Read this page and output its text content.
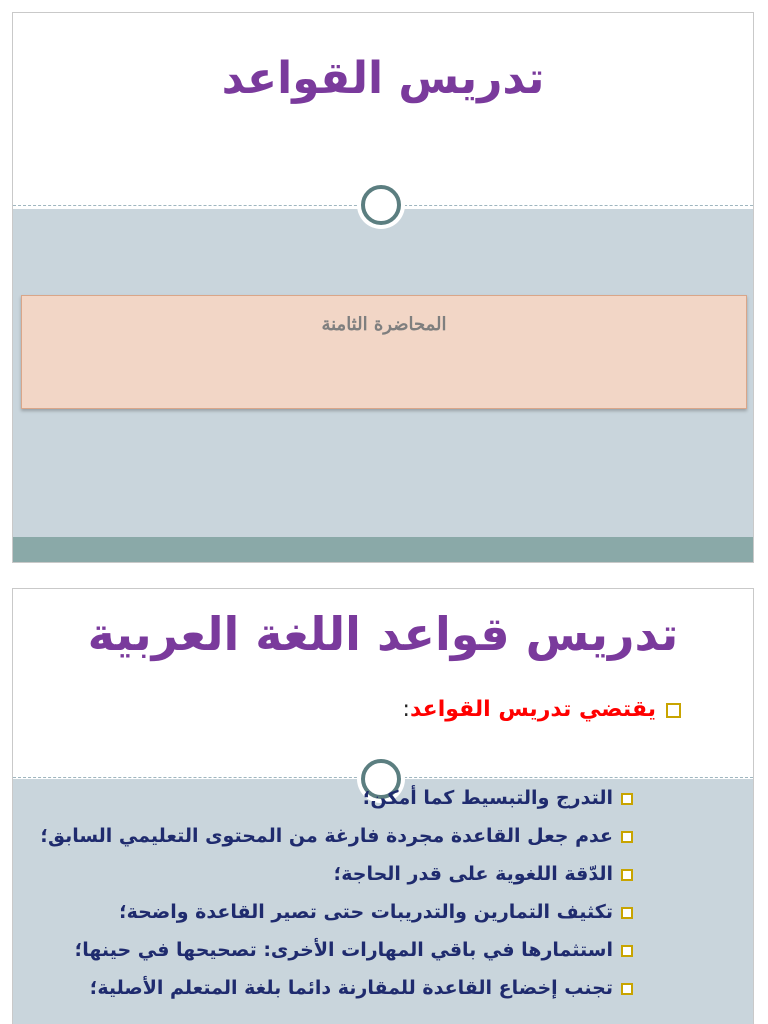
تدريس القواعد
المحاضرة الثامنة
تدريس قواعد اللغة العربية
يقتضي تدريس القواعد:
التدرج والتبسيط كما أمكن؛
عدم جعل القاعدة مجردة فارغة من المحتوى التعليمي السابق؛
الدّقة اللغوية على قدر الحاجة؛
تكثيف التمارين والتدريبات حتى تصير القاعدة واضحة؛
استثمارها في باقي المهارات الأخرى: تصحيحها في حينها؛
تجنب إخضاع القاعدة للمقارنة دائما بلغة المتعلم الأصلية؛
